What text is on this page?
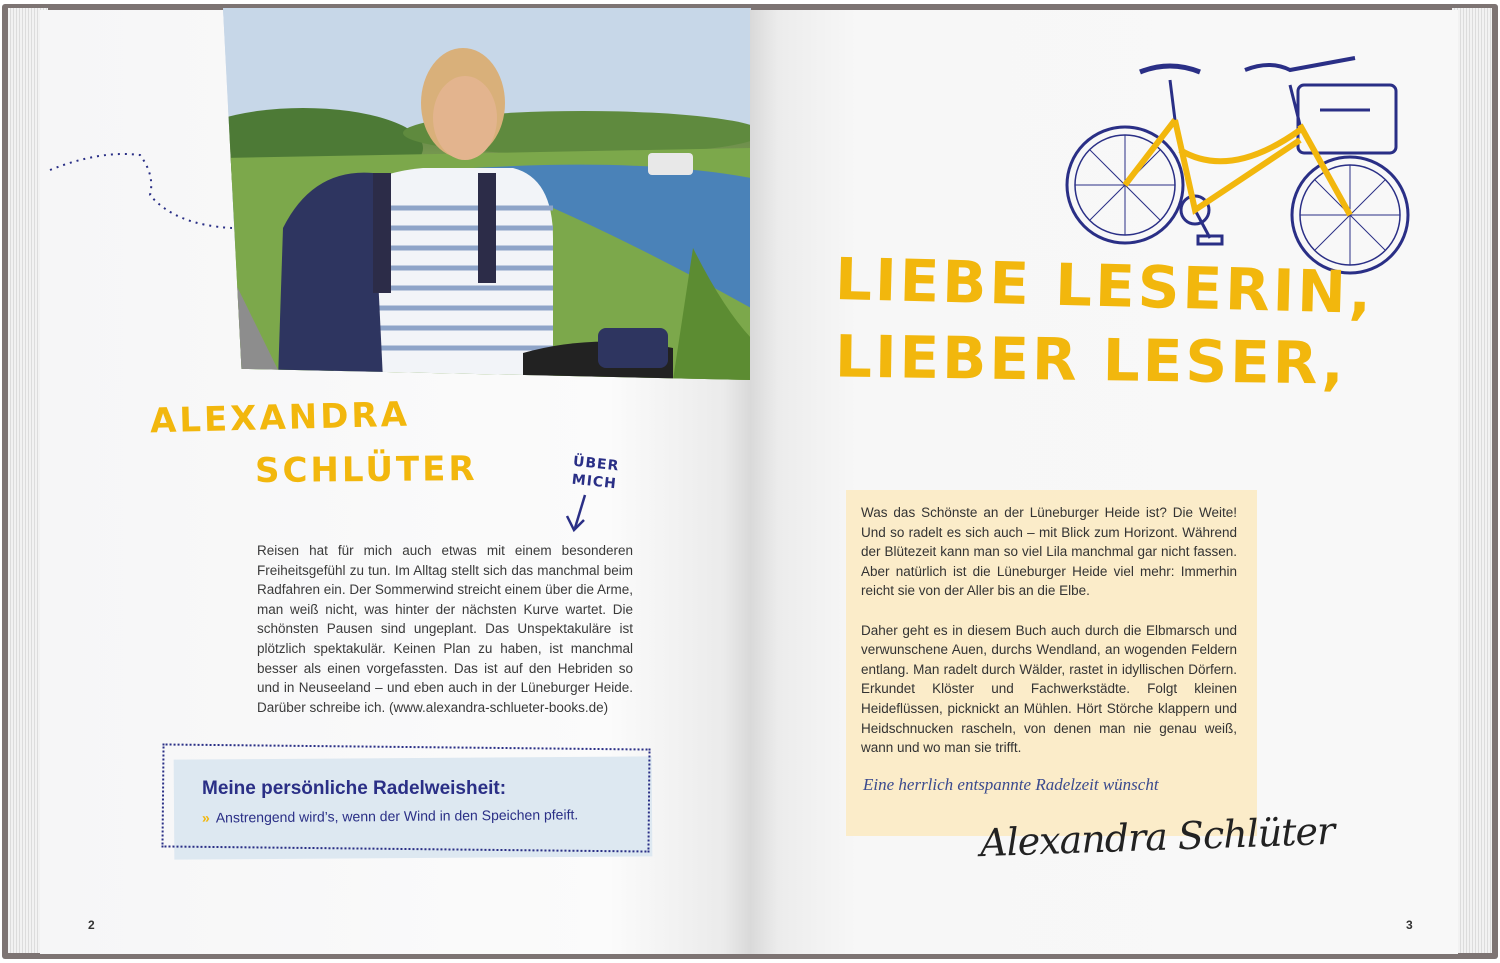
ALEXANDRA
SCHLÜTER	ÜBER
MICH

Reisen hat für mich auch etwas mit einem besonderen Freiheitsgefühl zu tun. Im Alltag stellt sich das manchmal beim Radfahren ein. Der Sommerwind streicht einem über die Arme, man weiß nicht, was hinter der nächsten Kurve wartet. Die schönsten Pausen sind ungeplant. Das Unspektakuläre ist plötzlich spektakulär. Keinen Plan zu haben, ist manchmal besser als einen vorgefassten. Das ist auf den Hebriden so und in Neuseeland – und eben auch in der Lüneburger Heide. Darüber schreibe ich. (www.alexandra-schlueter-books.de)

Meine persönliche Radelweisheit:
» Anstrengend wird’s, wenn der Wind in den Speichen pfeift.
2
LIEBE LESERIN,
LIEBER LESER,

Was das Schönste an der Lüneburger Heide ist? Die Weite! Und so radelt es sich auch – mit Blick zum Horizont. Während der Blütezeit kann man so viel Lila manchmal gar nicht fassen. Aber natürlich ist die Lüneburger Heide viel mehr: Immerhin reicht sie von der Aller bis an die Elbe.

Daher geht es in diesem Buch auch durch die Elbmarsch und verwunschene Auen, durchs Wendland, an wogenden Feldern entlang. Man radelt durch Wälder, rastet in idyllischen Dörfern. Erkundet Klöster und Fachwerkstädte. Folgt kleinen Heideflüssen, picknickt an Mühlen. Hört Störche klappern und Heidschnucken rascheln, von denen man nie genau weiß, wann und wo man sie trifft.

Eine herrlich entspannte Radelzeit wünscht
Alexandra Schlüter
3
